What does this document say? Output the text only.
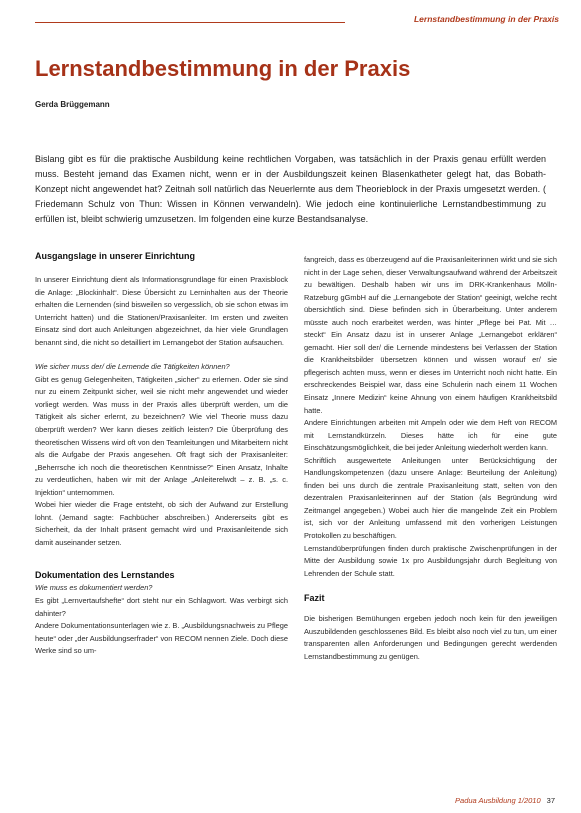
Lernstandbestimmung in der Praxis
Lernstandbestimmung in der Praxis
Gerda Brüggemann

Bislang gibt es für die praktische Ausbildung keine rechtlichen Vorgaben, was tatsächlich in der Praxis genau erfüllt werden muss. Besteht jemand das Examen nicht, wenn er in der Ausbildungszeit keinen Blasenkatheter gelegt hat, das Bobath- Konzept nicht angewendet hat? Zeitnah soll natürlich das Neuerlernte aus dem Theorieblock in der Praxis umgesetzt werden. ( Friedemann Schulz von Thun: Wissen in Können verwandeln). Wie jedoch eine kontinuierliche Lernstandbestimmung zu erfüllen ist, bleibt schwierig umzusetzen. Im folgenden eine kurze Bestandsanalyse.

Ausgangslage in unserer Einrichtung

In unserer Einrichtung dient als Informationsgrundlage für einen Praxisblock die Anlage: „Blockinhalt“. Diese Übersicht zu Lerninhalten aus der Theorie erhalten die Lernenden (sind bisweilen so vergesslich, ob sie schon etwas im Unterricht hatten) und die Stationen/Praxisanleiter. Im ersten und zweiten Einsatz sind dort auch Anleitungen abgezeichnet, da hier viele Grundlagen benannt sind, die nicht so detailliert im Lernangebot der Station aufsauchen.

Wie sicher muss der/ die Lernende die Tätigkeiten können?

Gibt es genug Gelegenheiten, Tätigkeiten „sicher“ zu erlernen. Oder sie sind nur zu einem Zeitpunkt sicher, weil sie nicht mehr angewendet und wieder vorliegt werden. Was muss in der Praxis alles überprüft werden, um die Tätigkeit als sicher erlernt, zu bezeichnen? Wie viel Theorie muss dazu überprüft werden? Wer kann dieses zeitlich leisten? Die Überprüfung des theoretischen Wissens wird oft von den Teamleitungen und Mitarbeitern nicht als die Aufgabe der Praxis angesehen. Oft fragt sich der Praxisanleiter: „Beherrsche ich noch die theoretischen Kenntnisse?“ Einen Ansatz, Inhalte zu verdeutlichen, haben wir mit der Anlage „Anleiterelwdt – z. B. „s. c. Injektion“ unternommen.

Wobei hier wieder die Frage entsteht, ob sich der Aufwand zur Erstellung lohnt. (Jemand sagte: Fachbücher abschreiben.) Andererseits gibt es Sicherheit, da der Inhalt präsent gemacht wird und Praxisanleitende sich damit auseinander setzen.

Dokumentation des Lernstandes

Wie muss es dokumentiert werden?

Es gibt „Lernvertaufshefte“ dort steht nur ein Schlagwort. Was verbirgt sich dahinter?

Andere Dokumentationsunterlagen wie z. B. „Ausbildungsnachweis zu Pflege heute“ oder „der Ausbildungserfrader“ von RECOM nennen Ziele. Doch diese Werke sind so um-

fangreich, dass es überzeugend auf die Praxisanleiterinnen wirkt und sie sich nicht in der Lage sehen, dieser Verwaltungsaufwand während der Arbeitszeit zu bewältigen. Deshalb haben wir uns im DRK-Krankenhaus Mölln- Ratzeburg gGmbH auf die „Lernangebote der Station“ geeinigt, welche recht übersichtlich sind. Diese befinden sich in Überarbeitung. Unter anderem müsste auch noch erarbeitet werden, was hinter „Pflege bei Pat. Mit … steckt“ Ein Ansatz dazu ist in unserer Anlage „Lernangebot erklären“ gemacht. Hier soll der/ die Lernende mindestens bei Verlassen der Station die Krankheitsbilder übersetzen können und wissen worauf er/ sie pflegerisch achten muss, wenn er dieses im Unterricht noch nicht hatte. Ein erschreckendes Beispiel war, dass eine Schulerin nach einem 11 Wochen Einsatz „Innere Medizin“ keine Ahnung von einem häufigen Krankheitsbild hatte.

Andere Einrichtungen arbeiten mit Ampeln oder wie dem Heft von RECOM mit Lernstandkürzeln. Dieses hätte ich für eine gute Einschätzungsmöglichkeit, die bei jeder Anleitung wiederholt werden kann.

Schriftlich ausgewertete Anleitungen unter Berücksichtigung der Handlungskompetenzen (dazu unsere Anlage: Beurteilung der Anleitung) finden bei uns durch die zentrale Praxisanleitung statt, selten von den dezentralen Praxisanleiterinnen auf der Station (als Begründung wird Zeitmangel angegeben.) Wobei auch hier die mangelnde Zeit ein Problem ist, sich vor der Anleitung umfassend mit den vorherigen Leistungen Protokollen zu beschäftigen.

Lernstandüberprüfungen finden durch praktische Zwischenprüfungen in der Mitte der Ausbildung sowie 1x pro Ausbildungsjahr durch Begleitung von Lehrenden der Schule statt.

Fazit

Die bisherigen Bemühungen ergeben jedoch noch kein für den jeweiligen Auszubildenden geschlossenes Bild. Es bleibt also noch viel zu tun, um einer transparenten allen Anforderungen und Bedingungen gerecht werdenden Lernstandbestimmung zu genügen.

Padua Ausbildung 1/2010 37
